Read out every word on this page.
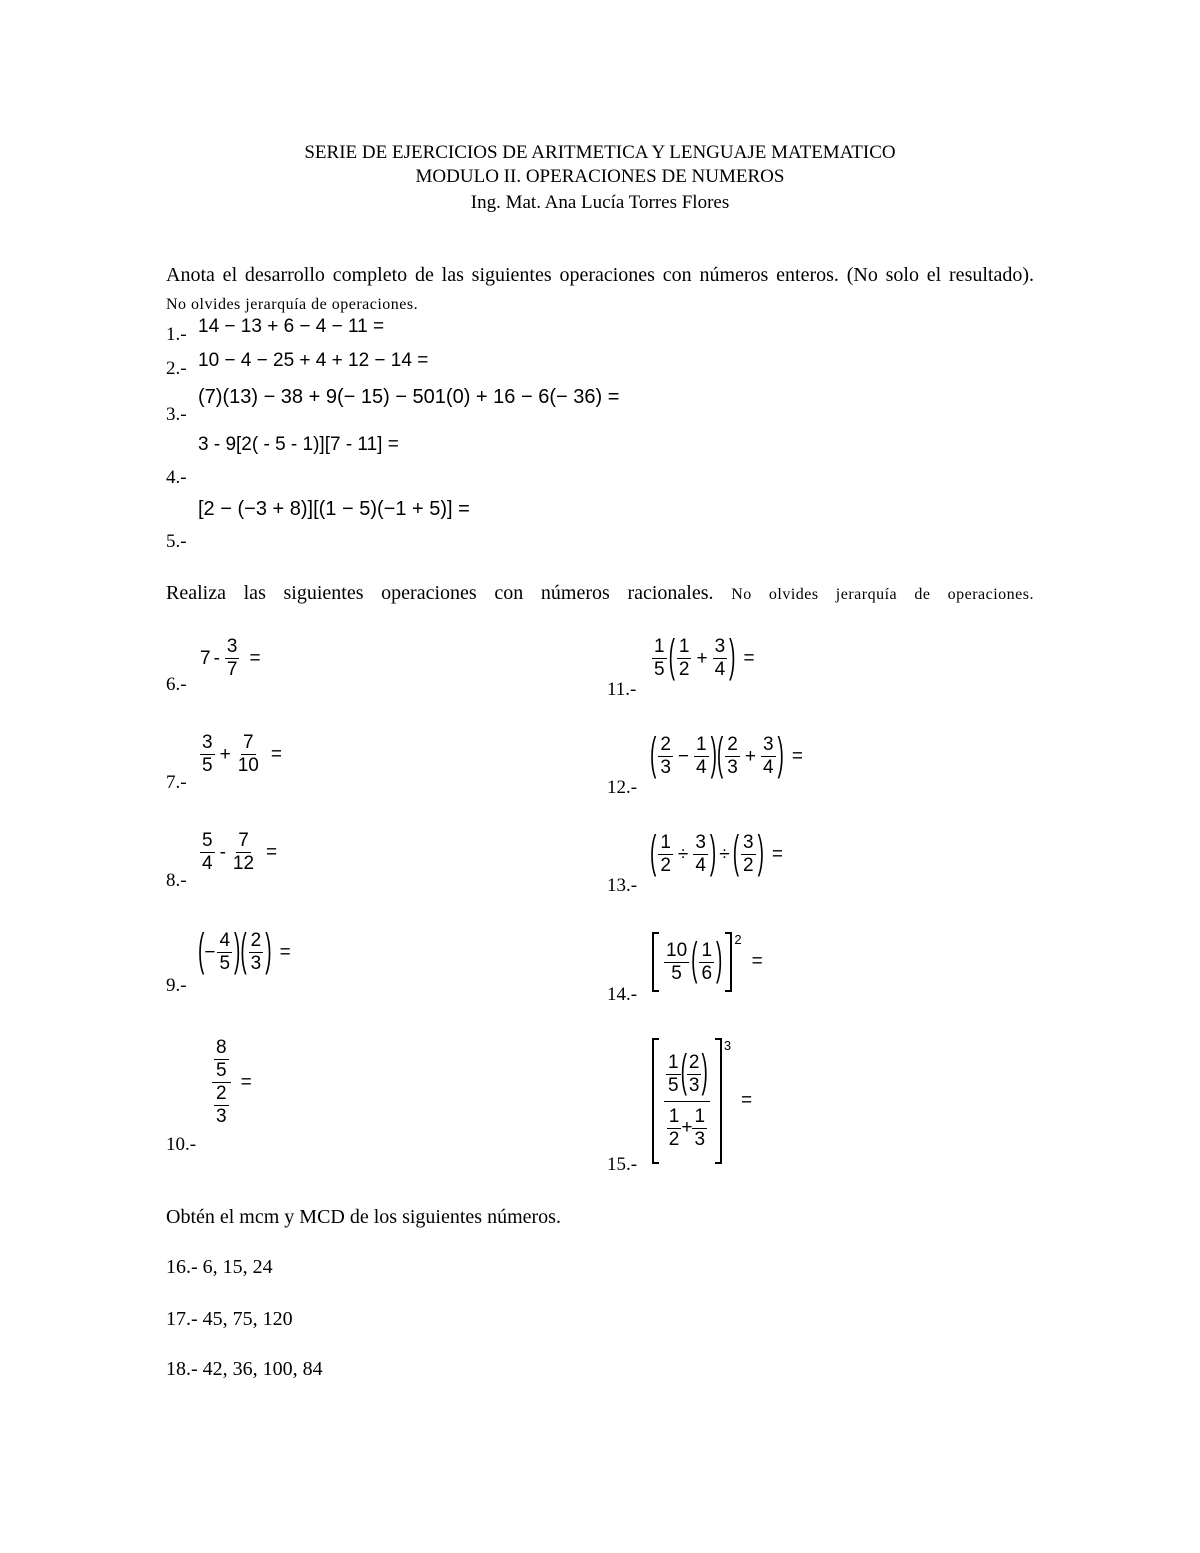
SERIE DE EJERCICIOS DE ARITMETICA Y LENGUAJE MATEMATICO
MODULO II. OPERACIONES DE NUMEROS
Ing. Mat. Ana Lucía Torres Flores
Anota el desarrollo completo de las siguientes operaciones con números enteros. (No solo el resultado).
No olvides jerarquía de operaciones.
1.- 14 − 13 + 6 − 4 − 11 =
2.- 10 − 4 − 25 + 4 + 12 − 14 =
3.-
(7)(13) − 38 + 9(− 15) − 501(0) + 16 − 6(− 36) =
3 - 9[2( - 5 - 1)][7 - 11] =
4.-
[2 − (−3 + 8)][(1 − 5)(−1 + 5)] =
5.-
Realiza las siguientes operaciones con números racionales. No olvides jerarquía de operaciones.
6.-
$7 - \frac{3}{7}$ =
7.-
$\frac{3}{5} + \frac{7}{10}$ =
8.-
$\frac{5}{4} - \frac{7}{12}$ =
9.-
( − $\frac{4}{5}$ ) ( $\frac{2}{3}$ ) =
10.-
$\frac{\frac{8}{5}}{\frac{2}{3}}$ =
11.-
$\frac{1}{5}$ ( $\frac{1}{2} + \frac{3}{4}$ ) =
12.-
( $\frac{2}{3} - \frac{1}{4}$ ) ( $\frac{2}{3} + \frac{3}{4}$ ) =
13.-
( $\frac{1}{2} \div \frac{3}{4}$ ) ÷ ( $\frac{3}{2}$ ) =
14.-
$\frac{10}{5}$ ( $\frac{1}{6}$ ) 2
=
15.-
$\frac{\frac{1}{5} ( \frac{2}{3} )}{\frac{1}{2} + \frac{1}{3}}$
3
=
Obtén el mcm y MCD de los siguientes números.
16.- 6, 15, 24
17.- 45, 75, 120
18.- 42, 36, 100, 84
